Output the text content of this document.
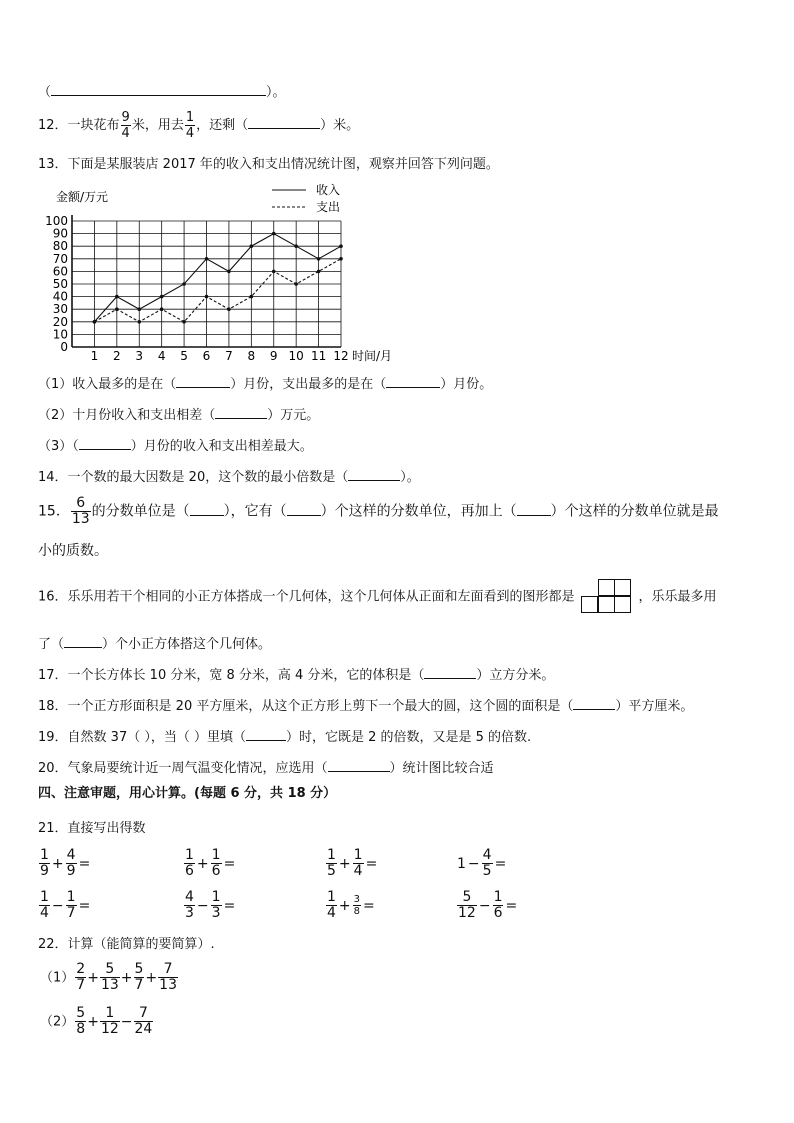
（	）。
12．一块花布 $\frac{9}{4}$ 米，用去 $\frac{1}{4}$ ，还剩（	）米。
13．下面是某服装店 2017 年的收入和支出情况统计图，观察并回答下列问题。
金额/万元	收入
支出
0
10
20
30
40
50
60
70
80
90
100
1 2 3 4 5 6 7 8 9 10 11 12 时间/月
（1）收入最多的是在（	）月份，支出最多的是在（	）月份。
（2）十月份收入和支出相差（	）万元。
（3）（	）月份的收入和支出相差最大。
14．一个数的最大因数是 20，这个数的最小倍数是（	）。
15． $\frac{6}{13}$ 的分数单位是（ ），它有（ ）个这样的分数单位，再加上（ ）个这样的分数单位就是最
小的质数。
16．乐乐用若干个相同的小正方体搭成一个几何体，这个几何体从正面和左面看到的图形都是	，乐乐最多用
了（	）个小正方体搭这个几何体。
17．一个长方体长 10 分米，宽 8 分米，高 4 分米，它的体积是（	）立方分米。
18．一个正方形面积是 20 平方厘米，从这个正方形上剪下一个最大的圆，这个圆的面积是（	）平方厘米。
19．自然数 37（ ），当（ ）里填（	）时，它既是 2 的倍数，又是是 5 的倍数.
20．气象局要统计近一周气温变化情况，应选用（	）统计图比较合适
四、注意审题，用心计算。(每题 6 分，共 18 分）
21．直接写出得数
$\frac{1}{9} + \frac{4}{9}$ =	$\frac{1}{6} + \frac{1}{6}$ =	$\frac{1}{5} + \frac{1}{4}$ =	$1 - \frac{4}{5}$ =
$\frac{1}{4} - \frac{1}{7}$ =	$\frac{4}{3} - \frac{1}{3}$ =	$\frac{1}{4} + \frac{3}{8}$ =	$\frac{5}{12} - \frac{1}{6}$ =
22．计算（能简算的要简算）.
$(1) \frac{2}{7} + \frac{5}{13} + \frac{5}{7} + \frac{7}{13}$
$(2) \frac{5}{8} + \frac{1}{12} - \frac{7}{24}$
